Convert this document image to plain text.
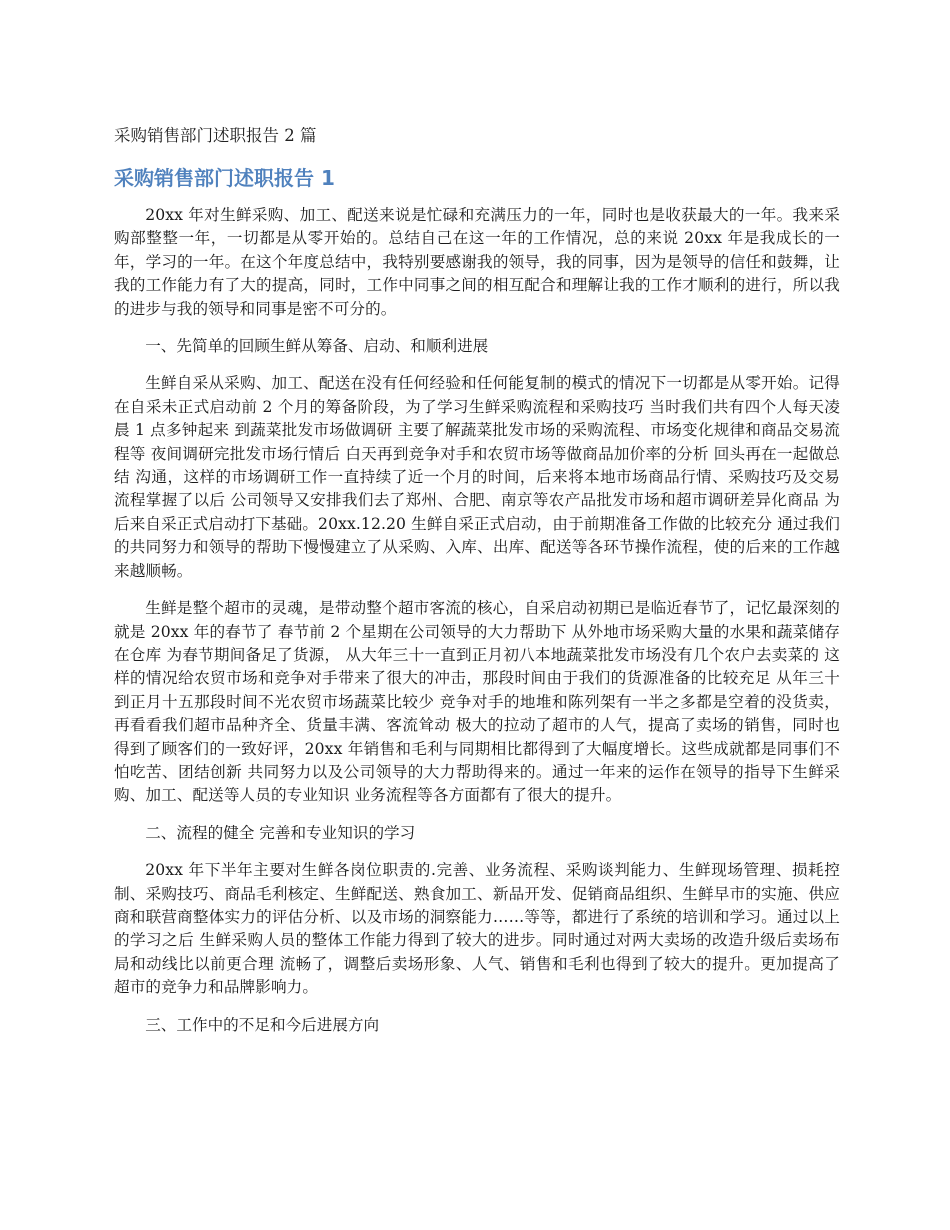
采购销售部门述职报告 2 篇

采购销售部门述职报告 1

20xx 年对生鲜采购、加工、配送来说是忙碌和充满压力的一年，同时也是收获最大的一年。我来采购部整整一年，一切都是从零开始的。总结自己在这一年的工作情况，总的来说 20xx 年是我成长的一年，学习的一年。在这个年度总结中，我特别要感谢我的领导，我的同事，因为是领导的信任和鼓舞，让我的工作能力有了大的提高，同时，工作中同事之间的相互配合和理解让我的工作才顺利的进行，所以我的进步与我的领导和同事是密不可分的。

一、先简单的回顾生鲜从筹备、启动、和顺利进展

生鲜自采从采购、加工、配送在没有任何经验和任何能复制的模式的情况下一切都是从零开始。记得在自采未正式启动前 2 个月的筹备阶段，为了学习生鲜采购流程和采购技巧 当时我们共有四个人每天凌晨 1 点多钟起来 到蔬菜批发市场做调研 主要了解蔬菜批发市场的采购流程、市场变化规律和商品交易流程等 夜间调研完批发市场行情后 白天再到竞争对手和农贸市场等做商品加价率的分析 回头再在一起做总结 沟通，这样的市场调研工作一直持续了近一个月的时间，后来将本地市场商品行情、采购技巧及交易流程掌握了以后 公司领导又安排我们去了郑州、合肥、南京等农产品批发市场和超市调研差异化商品 为后来自采正式启动打下基础。20xx.12.20 生鲜自采正式启动，由于前期准备工作做的比较充分 通过我们的共同努力和领导的帮助下慢慢建立了从采购、入库、出库、配送等各环节操作流程，使的后来的工作越来越顺畅。

生鲜是整个超市的灵魂，是带动整个超市客流的核心，自采启动初期已是临近春节了，记忆最深刻的就是 20xx 年的春节了 春节前 2 个星期在公司领导的大力帮助下 从外地市场采购大量的水果和蔬菜储存在仓库 为春节期间备足了货源， 从大年三十一直到正月初八本地蔬菜批发市场没有几个农户去卖菜的 这样的情况给农贸市场和竞争对手带来了很大的冲击，那段时间由于我们的货源准备的比较充足 从年三十到正月十五那段时间不光农贸市场蔬菜比较少 竞争对手的地堆和陈列架有一半之多都是空着的没货卖，再看看我们超市品种齐全、货量丰满、客流耸动 极大的拉动了超市的人气，提高了卖场的销售，同时也得到了顾客们的一致好评，20xx 年销售和毛利与同期相比都得到了大幅度增长。这些成就都是同事们不怕吃苦、团结创新 共同努力以及公司领导的大力帮助得来的。通过一年来的运作在领导的指导下生鲜采购、加工、配送等人员的专业知识 业务流程等各方面都有了很大的提升。

二、流程的健全 完善和专业知识的学习

20xx 年下半年主要对生鲜各岗位职责的.完善、业务流程、采购谈判能力、生鲜现场管理、损耗控制、采购技巧、商品毛利核定、生鲜配送、熟食加工、新品开发、促销商品组织、生鲜早市的实施、供应商和联营商整体实力的评估分析、以及市场的洞察能力……等等，都进行了系统的培训和学习。通过以上的学习之后 生鲜采购人员的整体工作能力得到了较大的进步。同时通过对两大卖场的改造升级后卖场布局和动线比以前更合理 流畅了，调整后卖场形象、人气、销售和毛利也得到了较大的提升。更加提高了超市的竞争力和品牌影响力。

三、工作中的不足和今后进展方向
